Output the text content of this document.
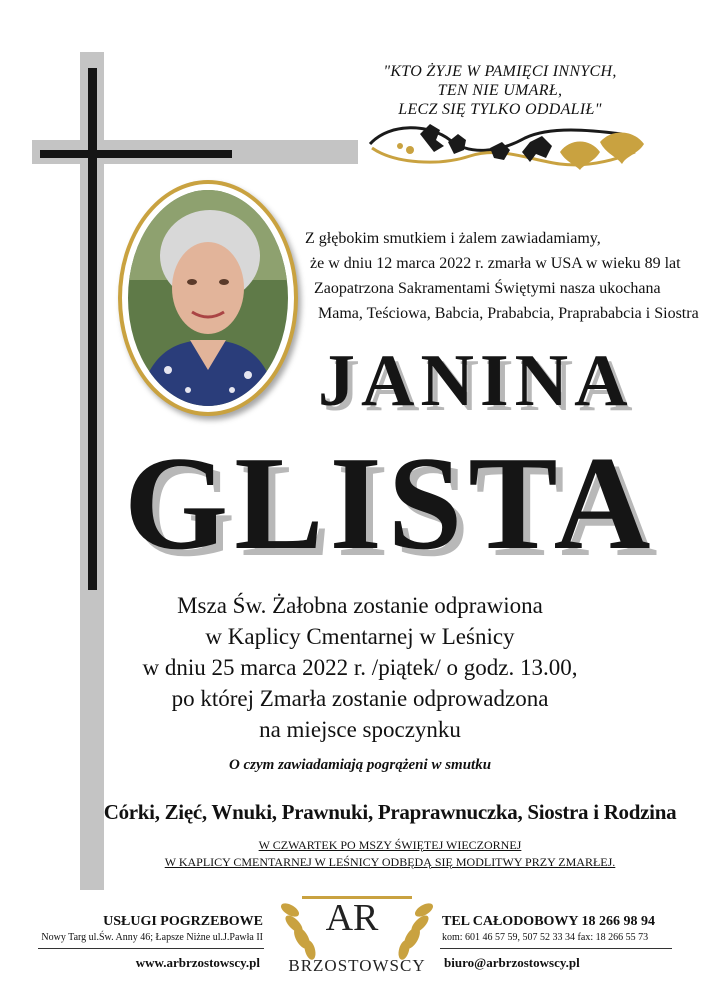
"KTO ŻYJE W PAMIĘCI INNYCH,
TEN NIE UMARŁ,
LECZ SIĘ TYLKO ODDALIŁ"
Z głębokim smutkiem i żalem zawiadamiamy,
że w dniu 12 marca 2022 r. zmarła w USA w wieku 89 lat
Zaopatrzona Sakramentami Świętymi nasza ukochana
Mama, Teściowa, Babcia, Prababcia, Praprababcia i Siostra
JANINA
GLISTA
Msza Św. Żałobna zostanie odprawiona
w Kaplicy Cmentarnej w Leśnicy
w dniu 25 marca 2022 r. /piątek/ o godz. 13.00,
po której Zmarła zostanie odprowadzona
na miejsce spoczynku
O czym zawiadamiają pogrążeni w smutku
Córki, Zięć, Wnuki, Prawnuki, Praprawnuczka, Siostra i Rodzina
W CZWARTEK PO MSZY ŚWIĘTEJ WIECZORNEJ
W KAPLICY CMENTARNEJ W LEŚNICY ODBĘDĄ SIĘ MODLITWY PRZY ZMARŁEJ.
USŁUGI POGRZEBOWE
Nowy Targ ul.Św. Anny 46; Łapsze Niżne ul.J.Pawła II
www.arbrzostowscy.pl
AR
BRZOSTOWSCY
TEL CAŁODOBOWY 18 266 98 94
kom: 601 46 57 59, 507 52 33 34 fax: 18 266 55 73
biuro@arbrzostowscy.pl
